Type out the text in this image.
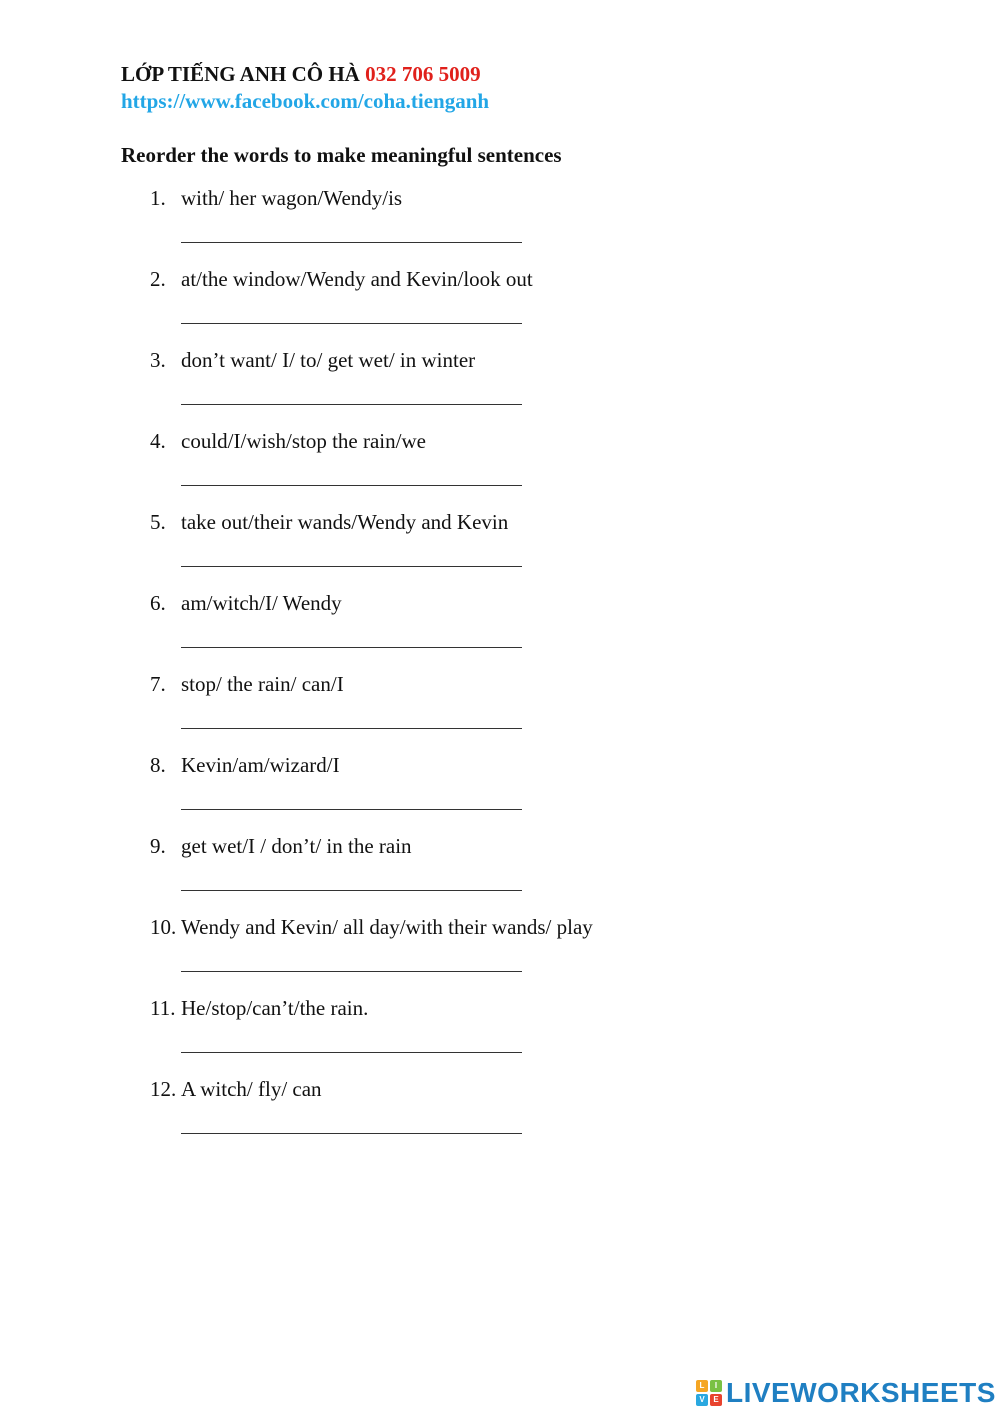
LỚP TIẾNG ANH CÔ HÀ 032 706 5009
https://www.facebook.com/coha.tienganh
Reorder the words to make meaningful sentences
1. with/ her wagon/Wendy/is
2. at/the window/Wendy and Kevin/look out
3. don’t want/ I/ to/ get wet/ in winter
4. could/I/wish/stop the rain/we
5. take out/their wands/Wendy and Kevin
6. am/witch/I/ Wendy
7. stop/ the rain/ can/I
8. Kevin/am/wizard/I
9. get wet/I / don’t/ in the rain
10. Wendy and Kevin/ all day/with their wands/ play
11. He/stop/can’t/the rain.
12. A witch/ fly/ can
L	I
V	E LIVEWORKSHEETS
